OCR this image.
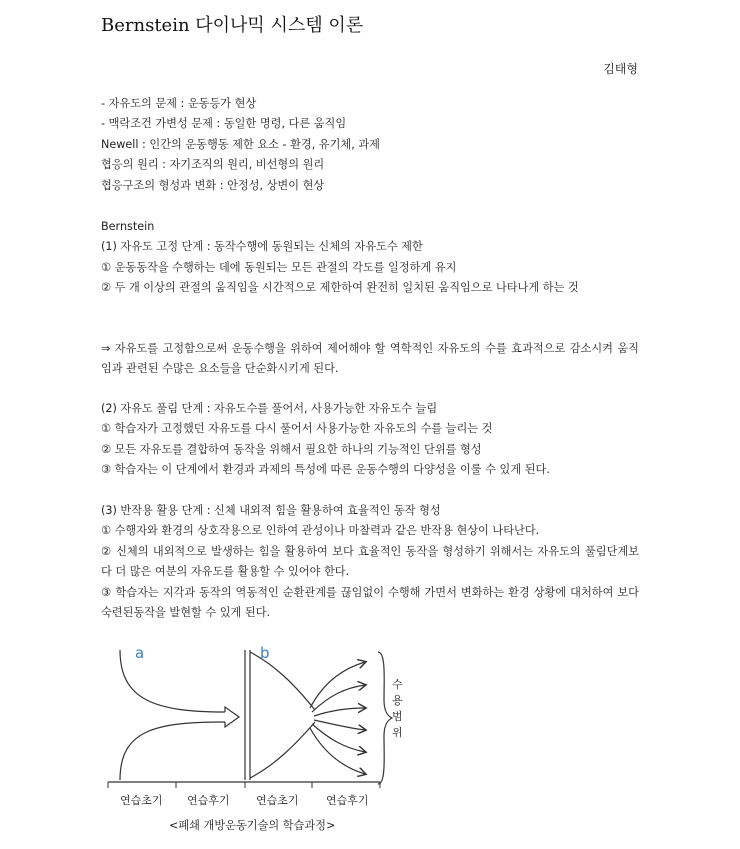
Bernstein 다이나믹 시스템 이론
김태형
- 자유도의 문제 : 운동등가 현상
- 맥락조건 가변성 문제 : 동일한 명령, 다른 움직임
Newell : 인간의 운동행동 제한 요소 - 환경, 유기체, 과제
협응의 원리 : 자기조직의 원리, 비선형의 원리
협응구조의 형성과 변화 : 안정성, 상변이 현상
Bernstein
(1) 자유도 고정 단계 : 동작수행에 동원되는 신체의 자유도수 제한
① 운동동작을 수행하는 데에 동원되는 모든 관절의 각도를 일정하게 유지
② 두 개 이상의 관절의 움직임을 시간적으로 제한하여 완전히 일치된 움직임으로 나타나게 하는 것
⇒ 자유도를 고정함으로써 운동수행을 위하여 제어해야 할 역학적인 자유도의 수를 효과적으로 감소시켜 움직임과 관련된 수많은 요소들을 단순화시키게 된다.
(2) 자유도 풀림 단계 : 자유도수를 풀어서, 사용가능한 자유도수 늘림
① 학습자가 고정했던 자유도를 다시 풀어서 사용가능한 자유도의 수를 늘리는 것
② 모든 자유도를 결합하여 동작을 위해서 필요한 하나의 기능적인 단위를 형성
③ 학습자는 이 단계에서 환경과 과제의 특성에 따른 운동수행의 다양성을 이룰 수 있게 된다.
(3) 반작용 활용 단계 : 신체 내외적 힘을 활용하여 효율적인 동작 형성
① 수행자와 환경의 상호작용으로 인하여 관성이나 마찰력과 같은 반작용 현상이 나타난다.
② 신체의 내외적으로 발생하는 힘을 활용하여 보다 효율적인 동작을 형성하기 위해서는 자유도의 풀림단계보다 더 많은 여분의 자유도를 활용할 수 있어야 한다.
③ 학습자는 지각과 동작의 역동적인 순환관계를 끊임없이 수행해 가면서 변화하는 환경 상황에 대처하여 보다 숙련된동작을 발현할 수 있게 된다.
a	b
수
용
범
위
연습초기 연습후기 연습초기 연습후기
<폐쇄 개방운동기술의 학습과정>
